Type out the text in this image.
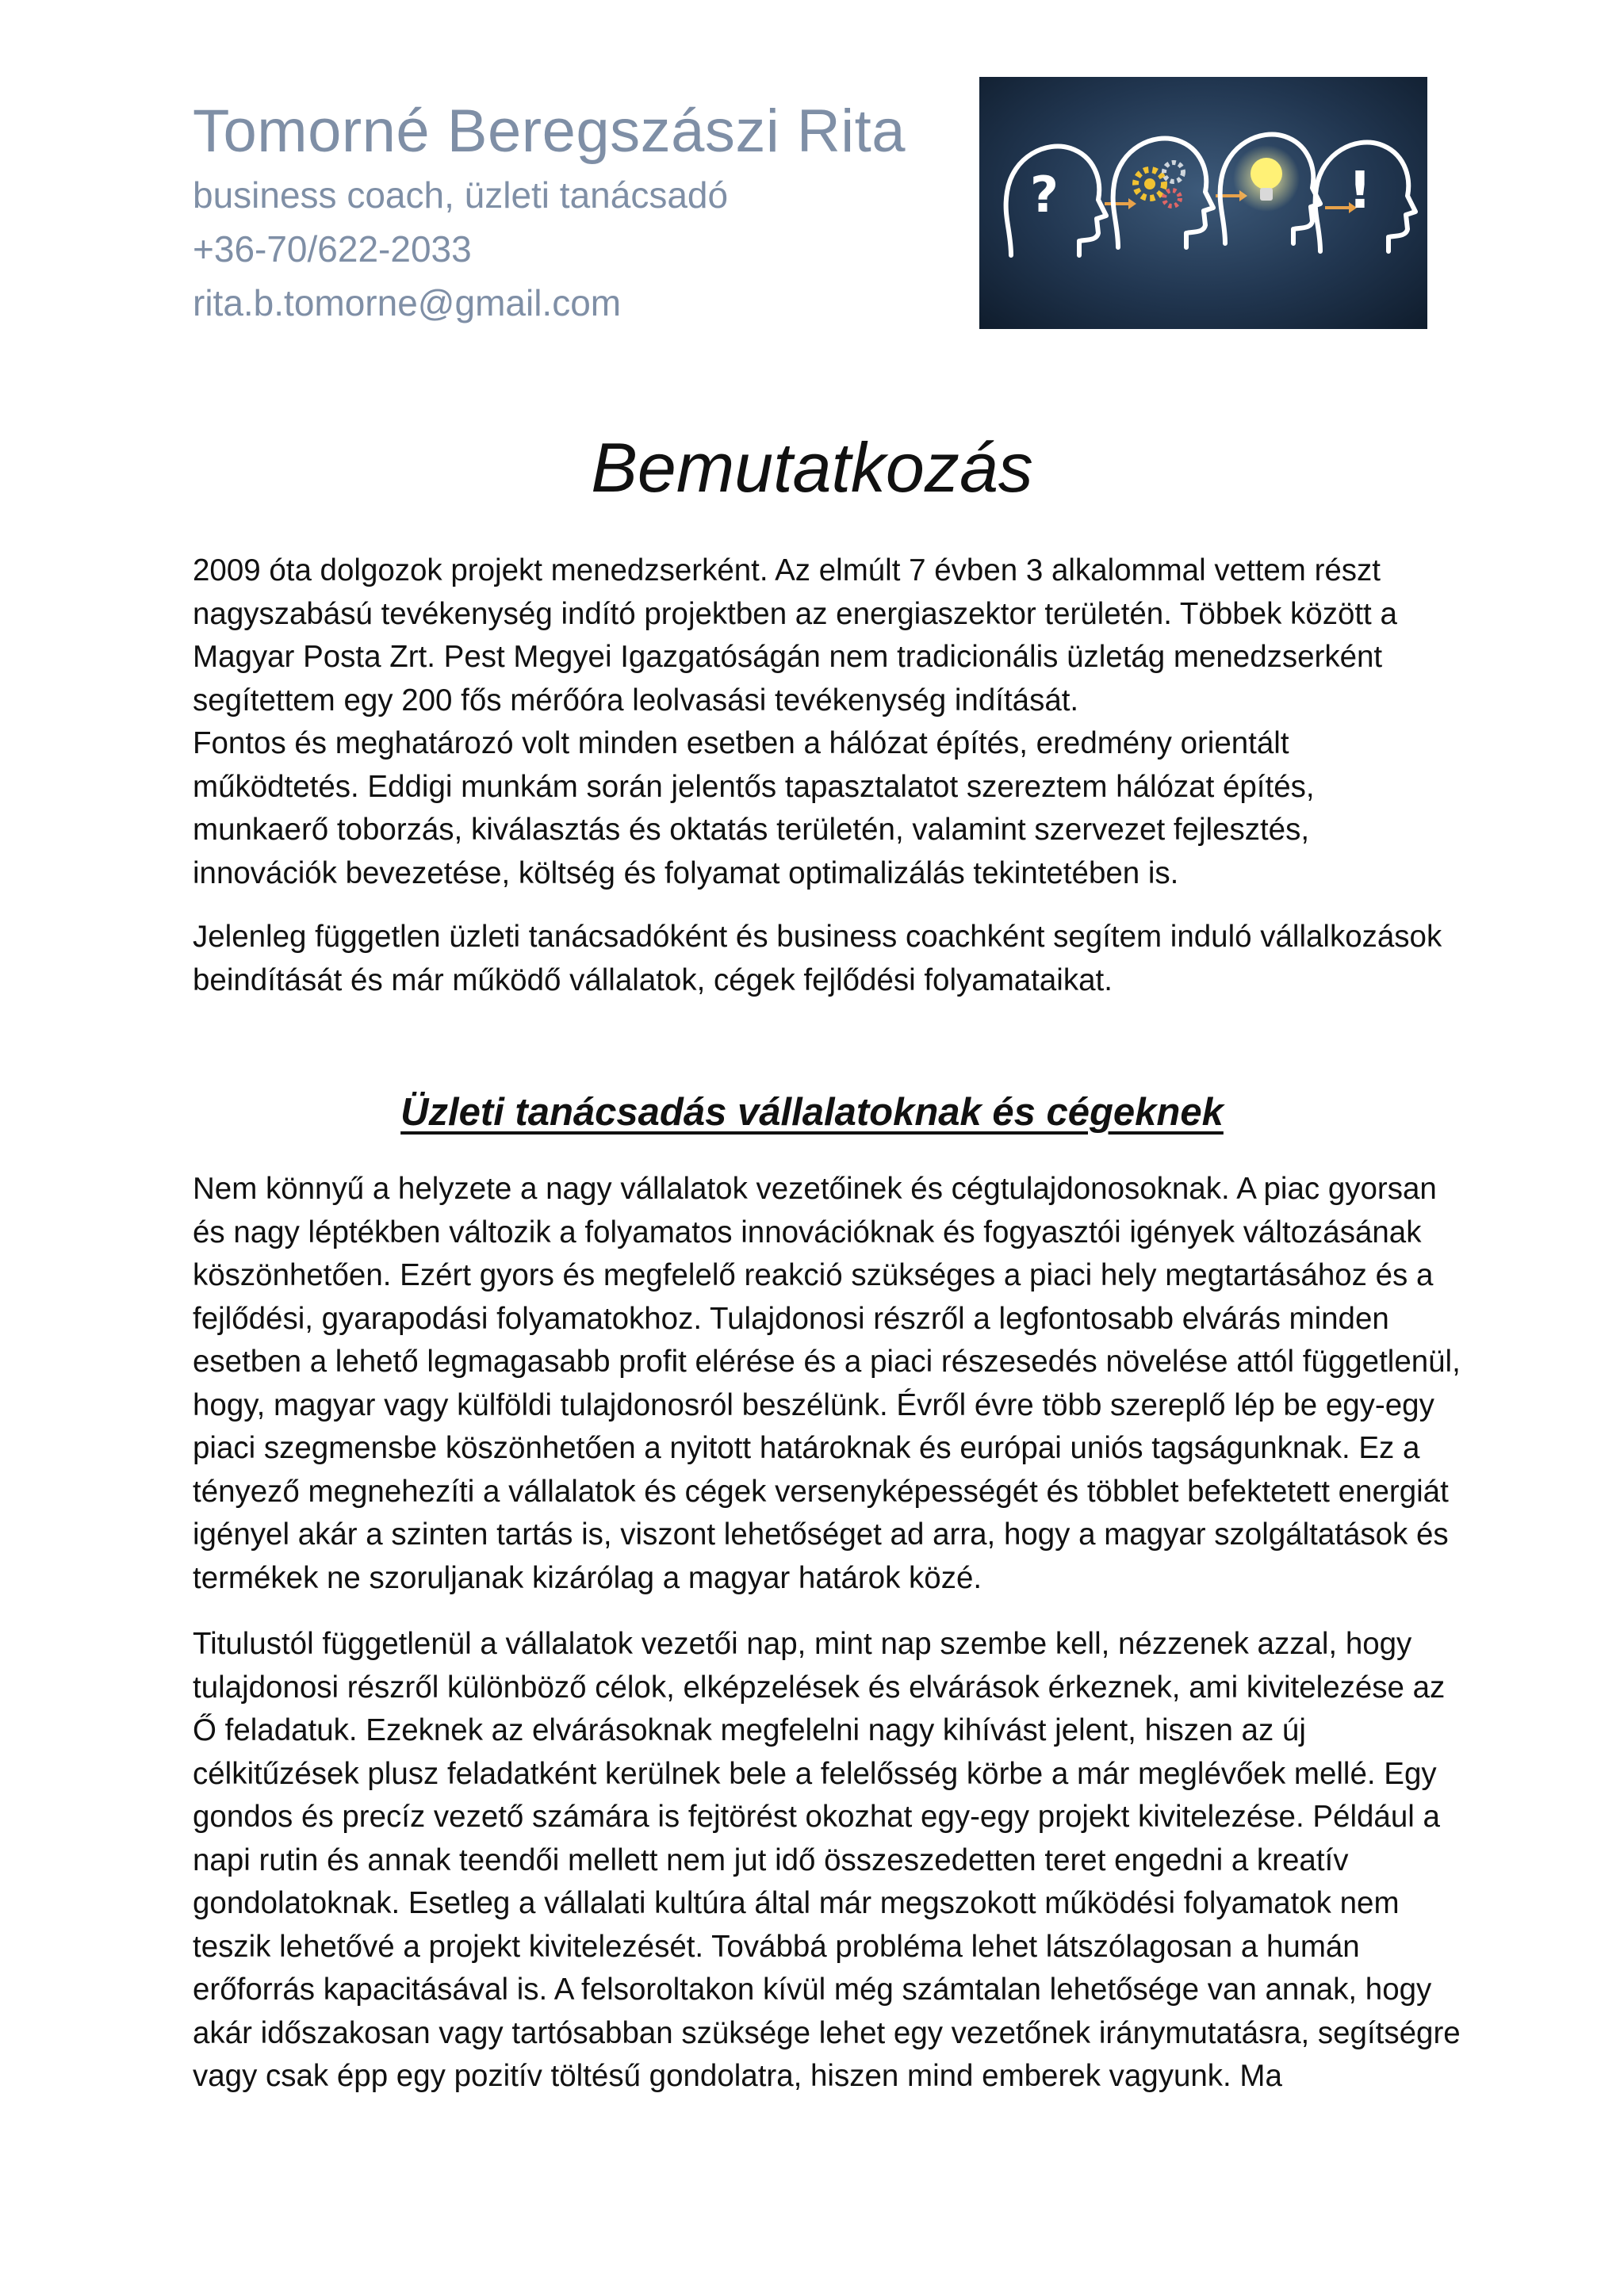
Tomorné Beregszászi Rita

business coach, üzleti tanácsadó

+36-70/622-2033

rita.b.tomorne@gmail.com

?	!
Bemutatkozás

2009 óta dolgozok projekt menedzserként. Az elmúlt 7 évben 3 alkalommal vettem részt
nagyszabású tevékenység indító projektben az energiaszektor területén. Többek között a
Magyar Posta Zrt. Pest Megyei Igazgatóságán nem tradicionális üzletág menedzserként
segítettem egy 200 fős mérőóra leolvasási tevékenység indítását.
Fontos és meghatározó volt minden esetben a hálózat építés, eredmény orientált
működtetés. Eddigi munkám során jelentős tapasztalatot szereztem hálózat építés,
munkaerő toborzás, kiválasztás és oktatás területén, valamint szervezet fejlesztés,
innovációk bevezetése, költség és folyamat optimalizálás tekintetében is.

Jelenleg független üzleti tanácsadóként és business coachként segítem induló vállalkozások
beindítását és már működő vállalatok, cégek fejlődési folyamataikat.

Üzleti tanácsadás vállalatoknak és cégeknek

Nem könnyű a helyzete a nagy vállalatok vezetőinek és cégtulajdonosoknak. A piac gyorsan
és nagy léptékben változik a folyamatos innovációknak és fogyasztói igények változásának
köszönhetően. Ezért gyors és megfelelő reakció szükséges a piaci hely megtartásához és a
fejlődési, gyarapodási folyamatokhoz. Tulajdonosi részről a legfontosabb elvárás minden
esetben a lehető legmagasabb profit elérése és a piaci részesedés növelése attól függetlenül,
hogy, magyar vagy külföldi tulajdonosról beszélünk. Évről évre több szereplő lép be egy-egy
piaci szegmensbe köszönhetően a nyitott határoknak és európai uniós tagságunknak. Ez a
tényező megnehezíti a vállalatok és cégek versenyképességét és többlet befektetett energiát
igényel akár a szinten tartás is, viszont lehetőséget ad arra, hogy a magyar szolgáltatások és
termékek ne szoruljanak kizárólag a magyar határok közé.

Titulustól függetlenül a vállalatok vezetői nap, mint nap szembe kell, nézzenek azzal, hogy
tulajdonosi részről különböző célok, elképzelések és elvárások érkeznek, ami kivitelezése az
Ő feladatuk. Ezeknek az elvárásoknak megfelelni nagy kihívást jelent, hiszen az új
célkitűzések plusz feladatként kerülnek bele a felelősség körbe a már meglévőek mellé. Egy
gondos és precíz vezető számára is fejtörést okozhat egy-egy projekt kivitelezése. Például a
napi rutin és annak teendői mellett nem jut idő összeszedetten teret engedni a kreatív
gondolatoknak. Esetleg a vállalati kultúra által már megszokott működési folyamatok nem
teszik lehetővé a projekt kivitelezését. Továbbá probléma lehet látszólagosan a humán
erőforrás kapacitásával is. A felsoroltakon kívül még számtalan lehetősége van annak, hogy
akár időszakosan vagy tartósabban szüksége lehet egy vezetőnek iránymutatásra, segítségre
vagy csak épp egy pozitív töltésű gondolatra, hiszen mind emberek vagyunk. Ma
